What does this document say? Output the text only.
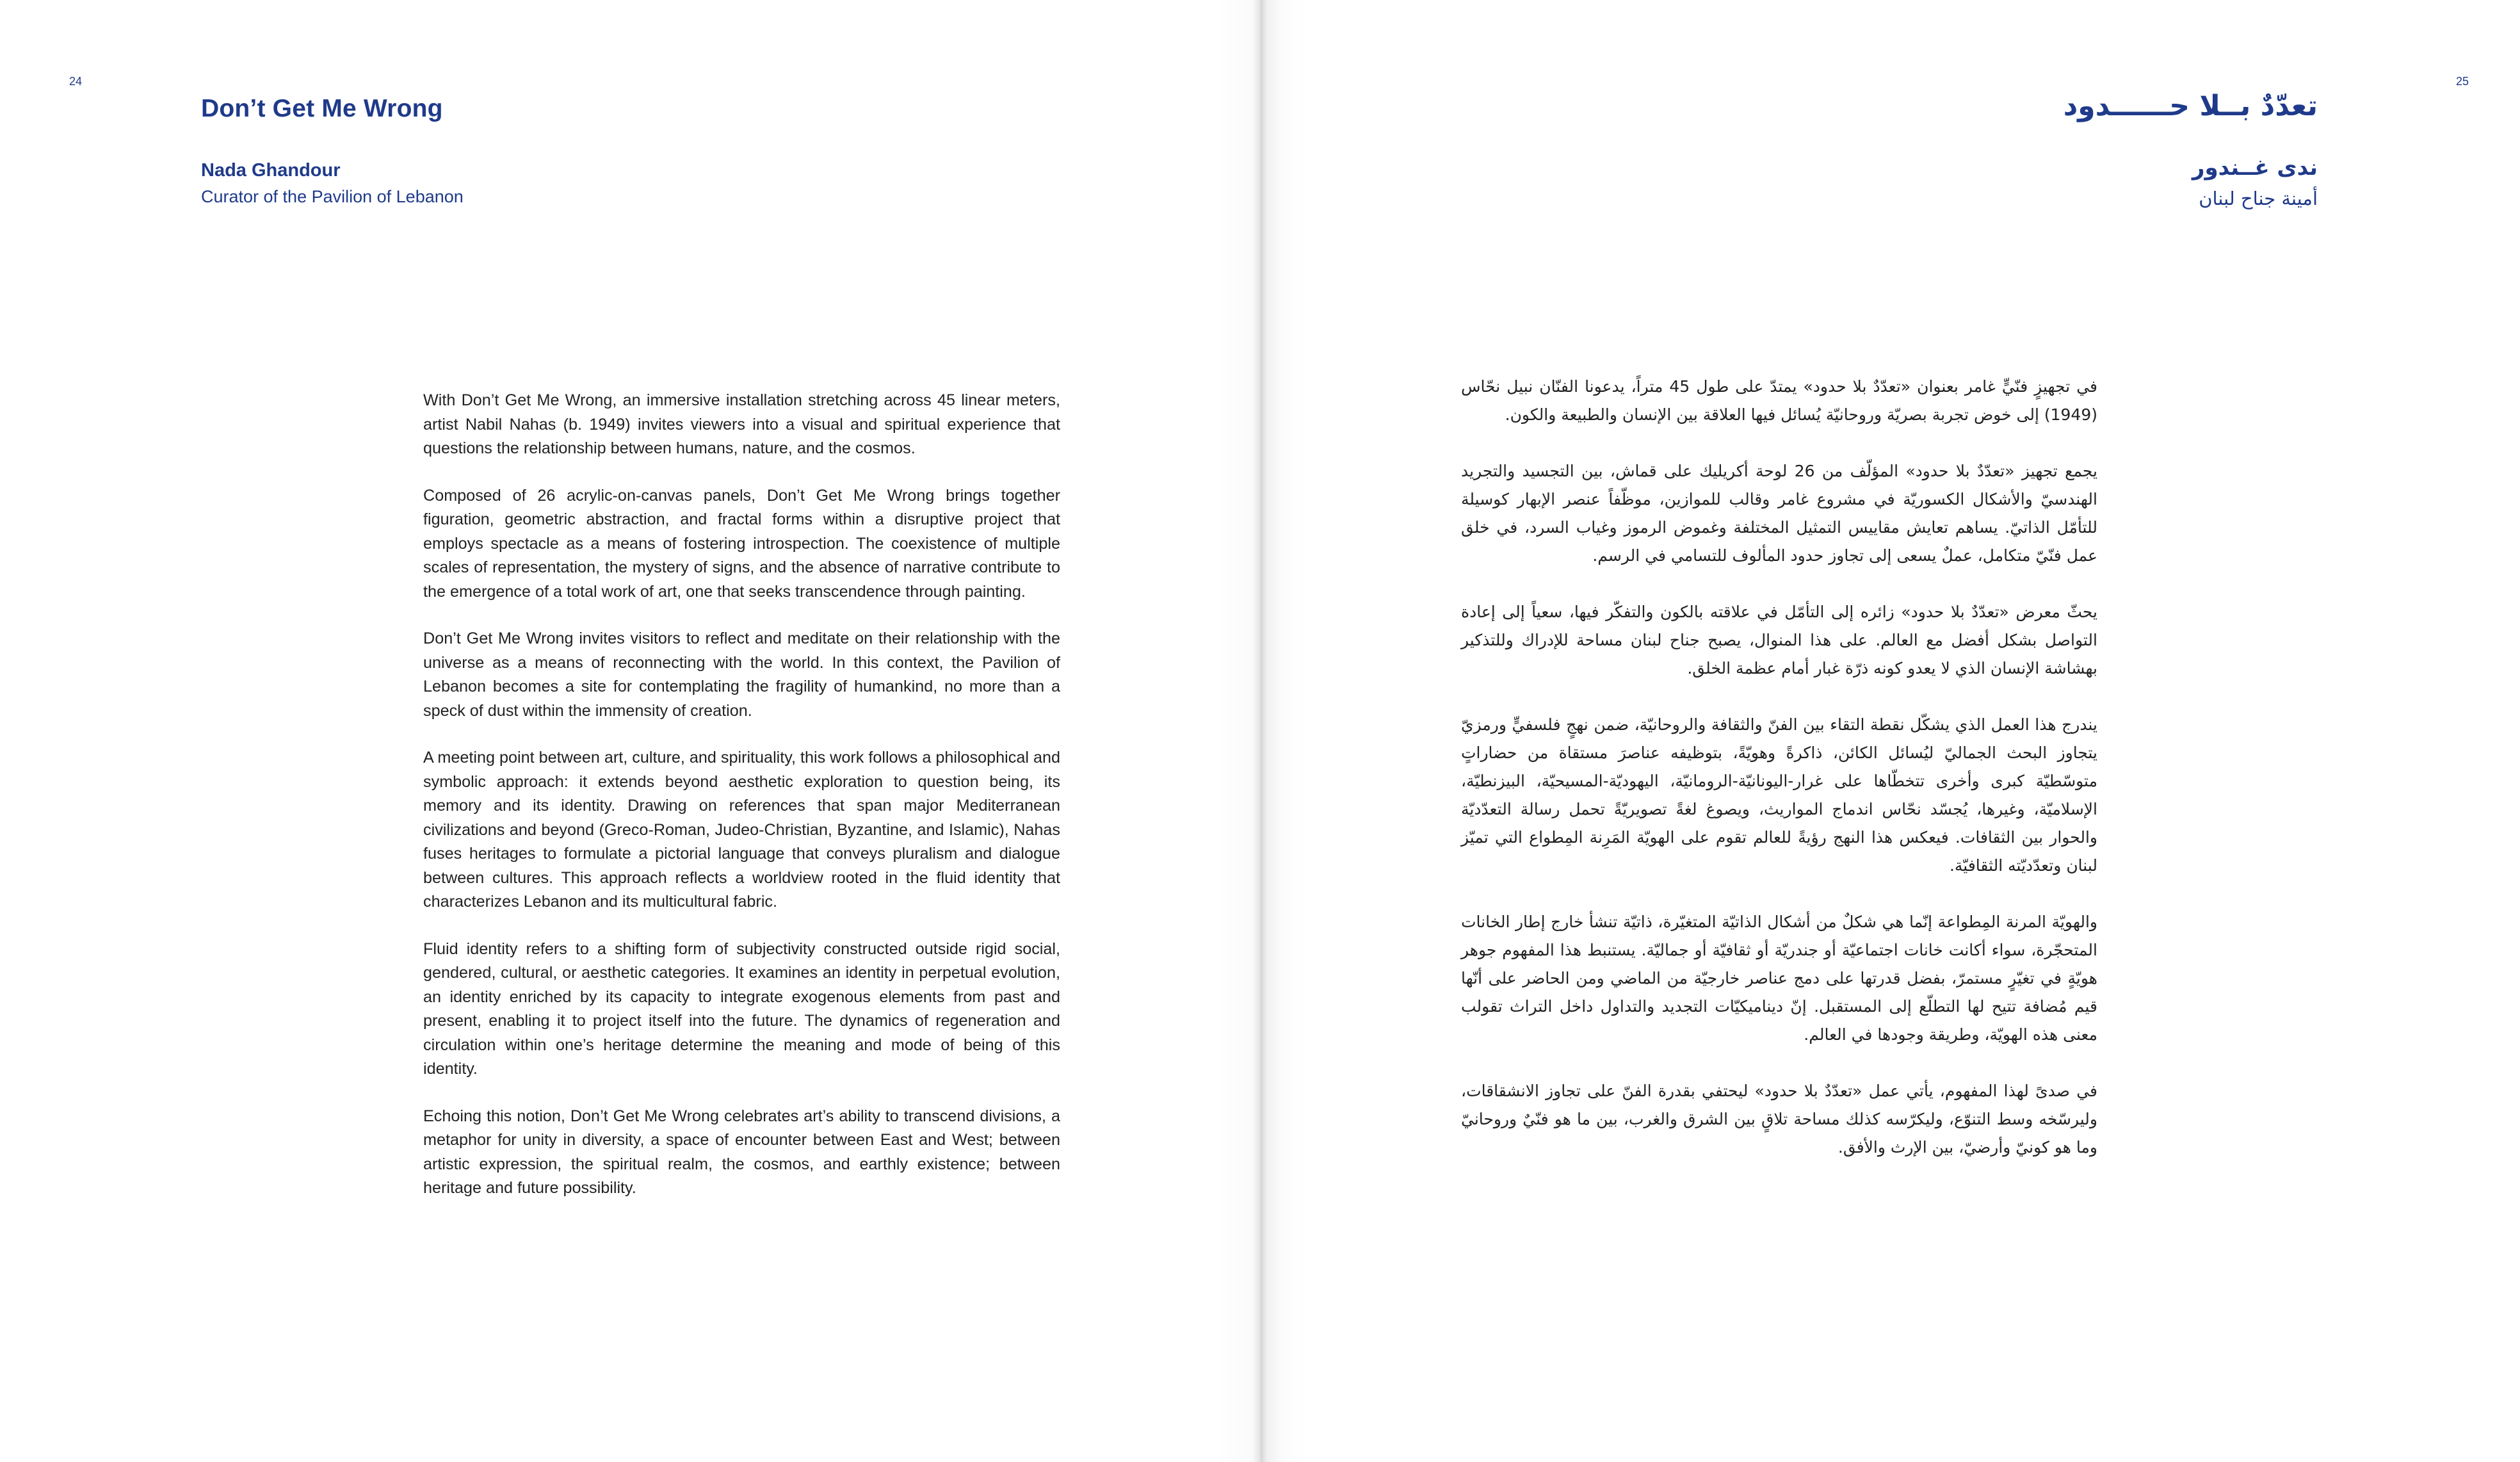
24
Don’t Get Me Wrong
Nada Ghandour
Curator of the Pavilion of Lebanon

With Don’t Get Me Wrong, an immersive installation stretching across 45 linear meters, artist Nabil Nahas (b. 1949) invites viewers into a visual and spiritual experience that questions the relationship between humans, nature, and the cosmos.

Composed of 26 acrylic-on-canvas panels, Don’t Get Me Wrong brings together figuration, geometric abstraction, and fractal forms within a disruptive project that employs spectacle as a means of fostering introspection. The coexistence of multiple scales of representation, the mystery of signs, and the absence of narrative contribute to the emergence of a total work of art, one that seeks transcendence through painting.

Don’t Get Me Wrong invites visitors to reflect and meditate on their relationship with the universe as a means of reconnecting with the world. In this context, the Pavilion of Lebanon becomes a site for contemplating the fragility of humankind, no more than a speck of dust within the immensity of creation.

A meeting point between art, culture, and spirituality, this work follows a philosophical and symbolic approach: it extends beyond aesthetic exploration to question being, its memory and its identity. Drawing on references that span major Mediterranean civilizations and beyond (Greco-Roman, Judeo-Christian, Byzantine, and Islamic), Nahas fuses heritages to formulate a pictorial language that conveys pluralism and dialogue between cultures. This approach reflects a worldview rooted in the fluid identity that characterizes Lebanon and its multicultural fabric.

Fluid identity refers to a shifting form of subjectivity constructed outside rigid social, gendered, cultural, or aesthetic categories. It examines an identity in perpetual evolution, an identity enriched by its capacity to integrate exogenous elements from past and present, enabling it to project itself into the future. The dynamics of regeneration and circulation within one’s heritage determine the meaning and mode of being of this identity.

Echoing this notion, Don’t Get Me Wrong celebrates art’s ability to transcend divisions, a metaphor for unity in diversity, a space of encounter between East and West; between artistic expression, the spiritual realm, the cosmos, and earthly existence; between heritage and future possibility.

25
تعدّدٌ بــلا حــــــدود
ندى غــندور
أمينة جناح لبنان

في تجهيزٍ فنّيٍّ غامر بعنوان «تعدّدٌ بلا حدود» يمتدّ على طول 45 متراً، يدعونا الفنّان نبيل نحّاس (1949) إلى خوض تجربة بصريّة وروحانيّة يُسائل فيها العلاقة بين الإنسان والطبيعة والكون.

يجمع تجهيز «تعدّدٌ بلا حدود» المؤلّف من 26 لوحة أكريليك على قماش، بين التجسيد والتجريد الهندسيّ والأشكال الكسوريّة في مشروع غامر وقالب للموازين، موظّفاً عنصر الإبهار كوسيلة للتأمّل الذاتيّ. يساهم تعايش مقاييس التمثيل المختلفة وغموض الرموز وغياب السرد، في خلق عمل فنّيّ متكامل، عملٌ يسعى إلى تجاوز حدود المألوف للتسامي في الرسم.

يحثّ معرض «تعدّدٌ بلا حدود» زائره إلى التأمّل في علاقته بالكون والتفكّر فيها، سعياً إلى إعادة التواصل بشكل أفضل مع العالم. على هذا المنوال، يصبح جناح لبنان مساحة للإدراك وللتذكير بهشاشة الإنسان الذي لا يعدو كونه ذرّة غبار أمام عظمة الخلق.

يندرج هذا العمل الذي يشكّل نقطة التقاء بين الفنّ والثقافة والروحانيّة، ضمن نهجٍ فلسفيٍّ ورمزيّ يتجاوز البحث الجماليّ ليُسائل الكائن، ذاكرةً وهويّةً، بتوظيفه عناصرَ مستقاة من حضاراتٍ متوسّطيّة كبرى وأخرى تتخطّاها على غرار-اليونانيّة-الرومانيّة، اليهوديّة-المسيحيّة، البيزنطيّة، الإسلاميّة، وغيرها، يُجسّد نحّاس اندماج المواريث، ويصوغ لغةً تصويريّةً تحمل رسالة التعدّديّة والحوار بين الثقافات. فيعكس هذا النهج رؤيةً للعالم تقوم على الهويّة المَرِنة المِطواع التي تميّز لبنان وتعدّديّته الثقافيّة.

والهويّة المرنة المِطواعة إنّما هي شكلٌ من أشكال الذاتيّة المتغيّرة، ذاتيّة تنشأ خارج إطار الخانات المتحجّرة، سواء أكانت خانات اجتماعيّة أو جندريّة أو ثقافيّة أو جماليّة. يستنبط هذا المفهوم جوهر هويّةٍ في تغيّرٍ مستمرّ، بفضل قدرتها على دمج عناصر خارجيّة من الماضي ومن الحاضر على أنّها قيم مُضافة تتيح لها التطلّع إلى المستقبل. إنّ ديناميكيّات التجديد والتداول داخل التراث تقولب معنى هذه الهويّة، وطريقة وجودها في العالم.

في صدىً لهذا المفهوم، يأتي عمل «تعدّدٌ بلا حدود» ليحتفي بقدرة الفنّ على تجاوز الانشقاقات، وليرسّخه وسط التنوّع، وليكرّسه كذلك مساحة تلاقٍ بين الشرق والغرب، بين ما هو فنّيٌ وروحانيّ وما هو كونيّ وأرضيّ، بين الإرث والأفق.
